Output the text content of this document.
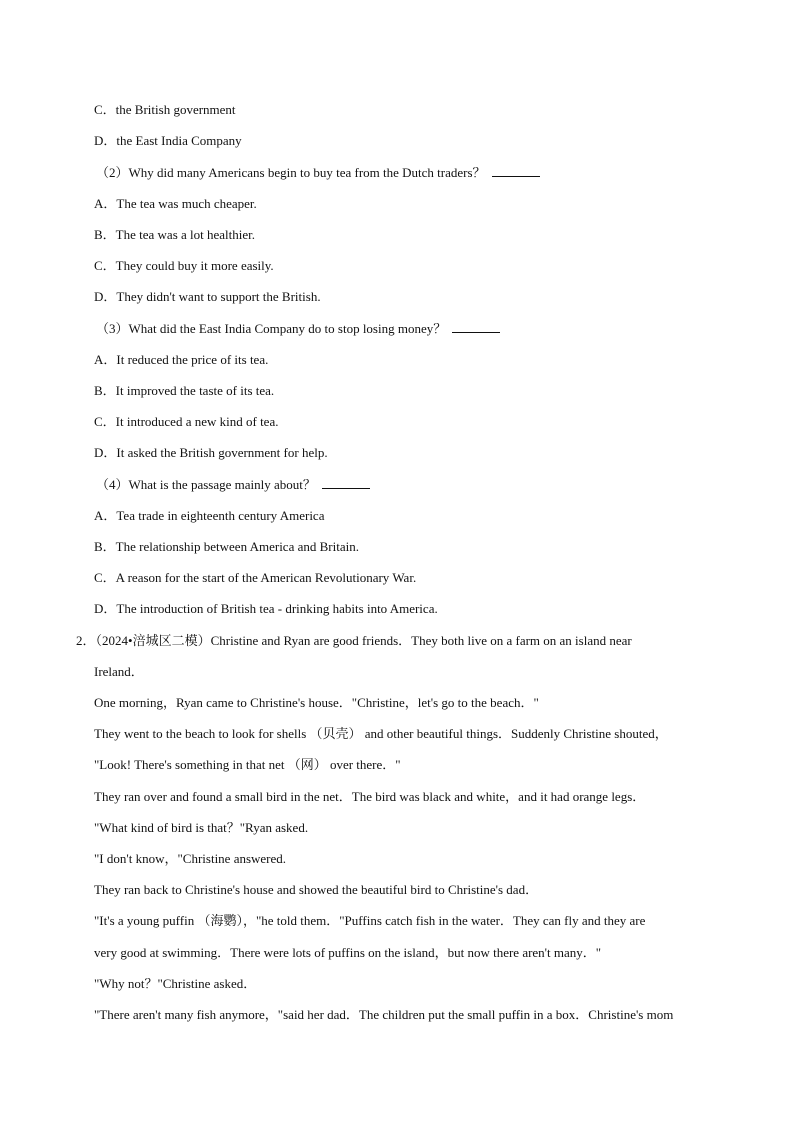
C．the British government
D．the East India Company
（2）Why did many Americans begin to buy tea from the Dutch traders？
A．The tea was much cheaper.
B．The tea was a lot healthier.
C．They could buy it more easily.
D．They didn't want to support the British.
（3）What did the East India Company do to stop losing money？
A．It reduced the price of its tea.
B．It improved the taste of its tea.
C．It introduced a new kind of tea.
D．It asked the British government for help.
（4）What is the passage mainly about？
A．Tea trade in eighteenth century America
B．The relationship between America and Britain.
C．A reason for the start of the American Revolutionary War.
D．The introduction of British tea - drinking habits into America.
2．（2024•涪城区二模）Christine and Ryan are good friends．They both live on a farm on an island near
Ireland．
One morning，Ryan came to Christine's house．"Christine，let's go to the beach．"
They went to the beach to look for shells （贝壳） and other beautiful things．Suddenly Christine shouted，
"Look! There's something in that net （网） over there．"
They ran over and found a small bird in the net．The bird was black and white，and it had orange legs．
"What kind of bird is that？"Ryan asked.
"I don't know，"Christine answered.
They ran back to Christine's house and showed the beautiful bird to Christine's dad．
"It's a young puffin （海鹦），"he told them．"Puffins catch fish in the water．They can fly and they are
very good at swimming．There were lots of puffins on the island，but now there aren't many．"
"Why not？"Christine asked．
"There aren't many fish anymore，"said her dad．The children put the small puffin in a box．Christine's mom
